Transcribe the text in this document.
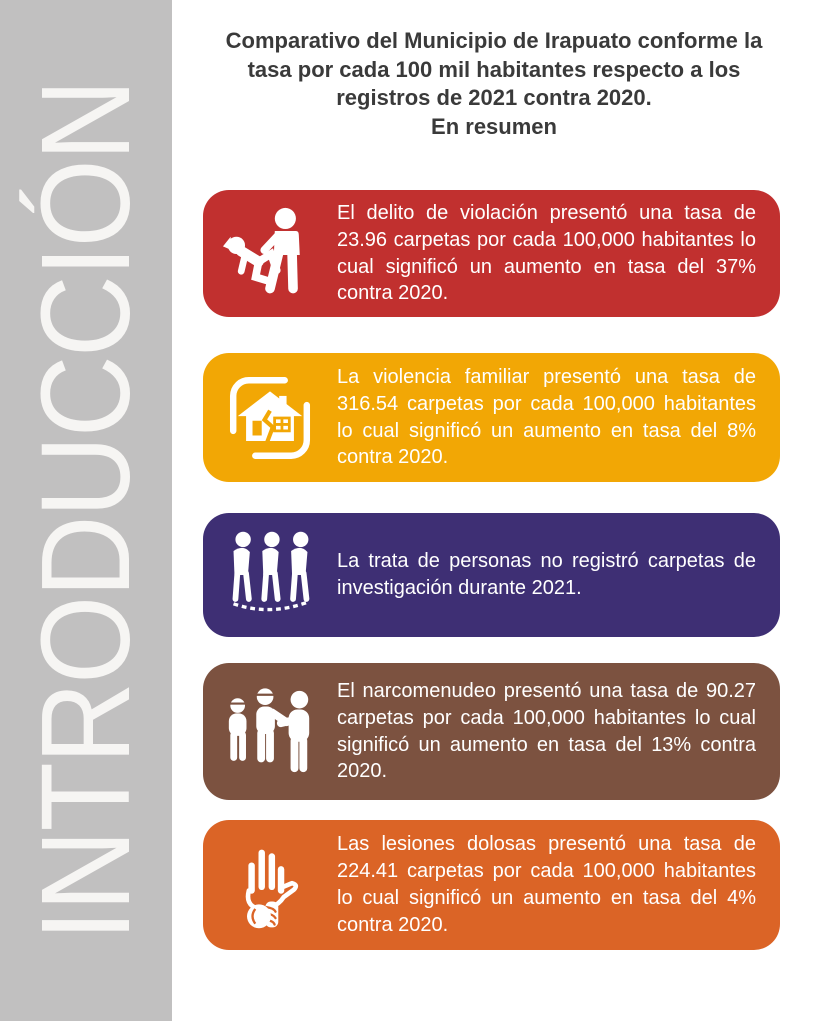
INTRODUCCIÓN
Comparativo del Municipio de Irapuato conforme la
tasa por cada 100 mil habitantes respecto a los
registros de 2021 contra 2020.
En resumen
El delito de violación presentó una tasa de 23.96 carpetas por cada 100,000 habitantes lo cual significó un aumento en tasa del 37% contra 2020.
La violencia familiar presentó una tasa de 316.54 carpetas por cada 100,000 habitantes lo cual significó un aumento en tasa del 8% contra 2020.
La trata de personas no registró carpetas de investigación durante 2021.
El narcomenudeo presentó una tasa de 90.27 carpetas por cada 100,000 habitantes lo cual significó un aumento en tasa del 13% contra 2020.
Las lesiones dolosas presentó una tasa de 224.41 carpetas por cada 100,000 habitantes lo cual significó un aumento en tasa del 4% contra 2020.
